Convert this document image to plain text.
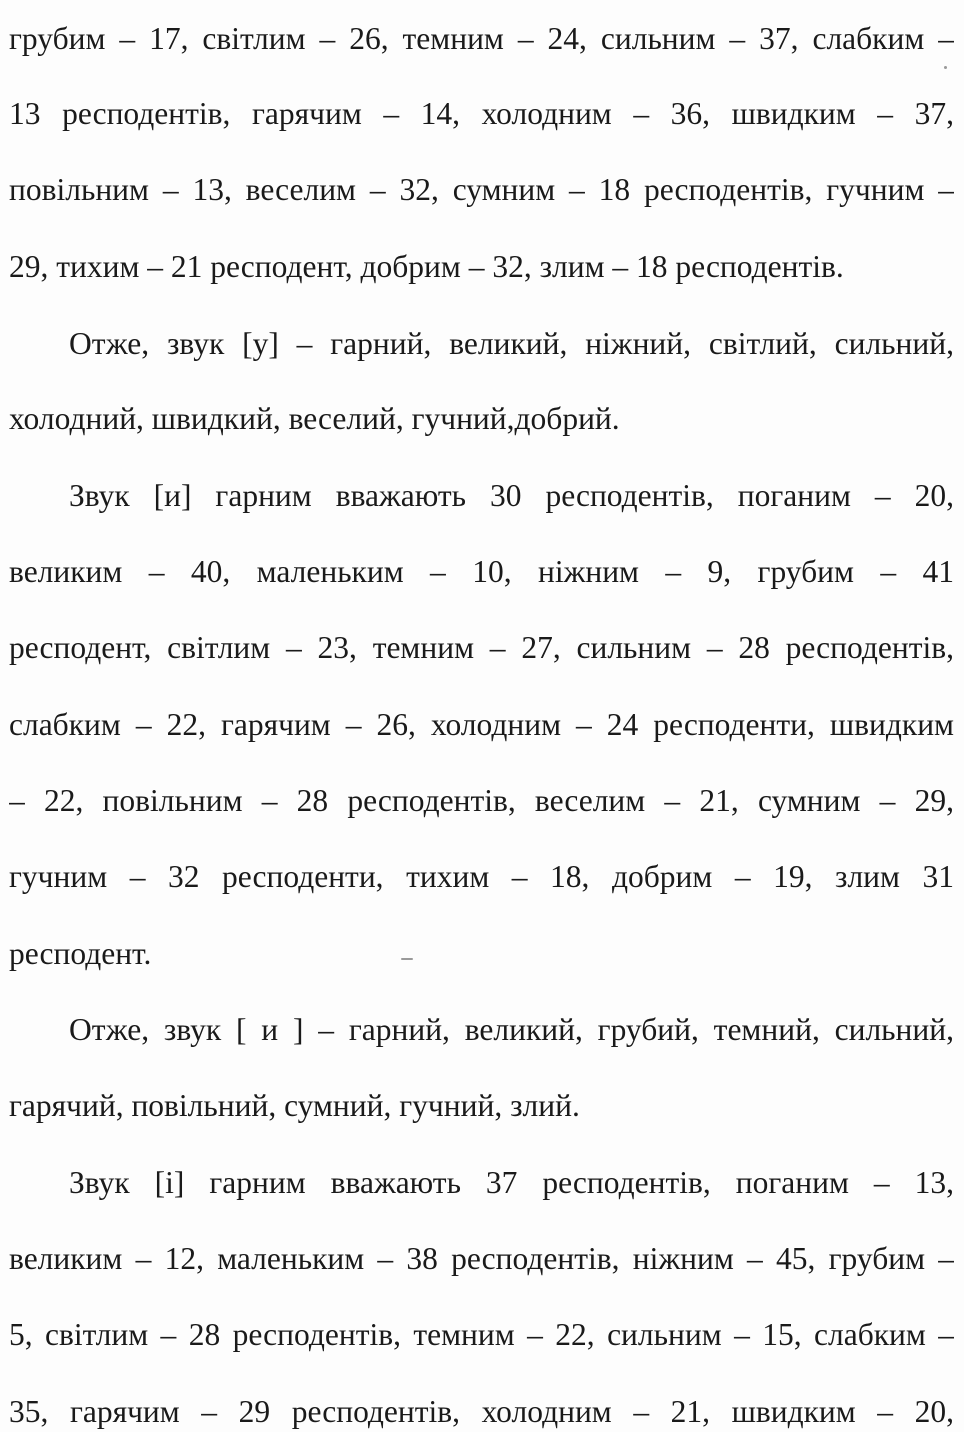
грубим – 17, світлим – 26, темним – 24, сильним – 37, слабким –
13 респодентів, гарячим – 14, холодним – 36, швидким – 37,
повільним – 13, веселим – 32, сумним – 18 респодентів, гучним –
29, тихим – 21 респодент, добрим – 32, злим – 18 респодентів.
Отже, звук [у] – гарний, великий, ніжний, світлий, сильний,
холодний, швидкий, веселий, гучний,добрий.
Звук [и] гарним вважають 30 респодентів, поганим – 20,
великим – 40, маленьким – 10, ніжним – 9, грубим – 41
респодент, світлим – 23, темним – 27, сильним – 28 респодентів,
слабким – 22, гарячим – 26, холодним – 24 респоденти, швидким
– 22, повільним – 28 респодентів, веселим – 21, сумним – 29,
гучним – 32 респоденти, тихим – 18, добрим – 19, злим 31
респодент.
Отже, звук [ и ] – гарний, великий, грубий, темний, сильний,
гарячий, повільний, сумний, гучний, злий.
Звук [і] гарним вважають 37 респодентів, поганим – 13,
великим – 12, маленьким – 38 респодентів, ніжним – 45, грубим –
5, світлим – 28 респодентів, темним – 22, сильним – 15, слабким –
35, гарячим – 29 респодентів, холодним – 21, швидким – 20,
